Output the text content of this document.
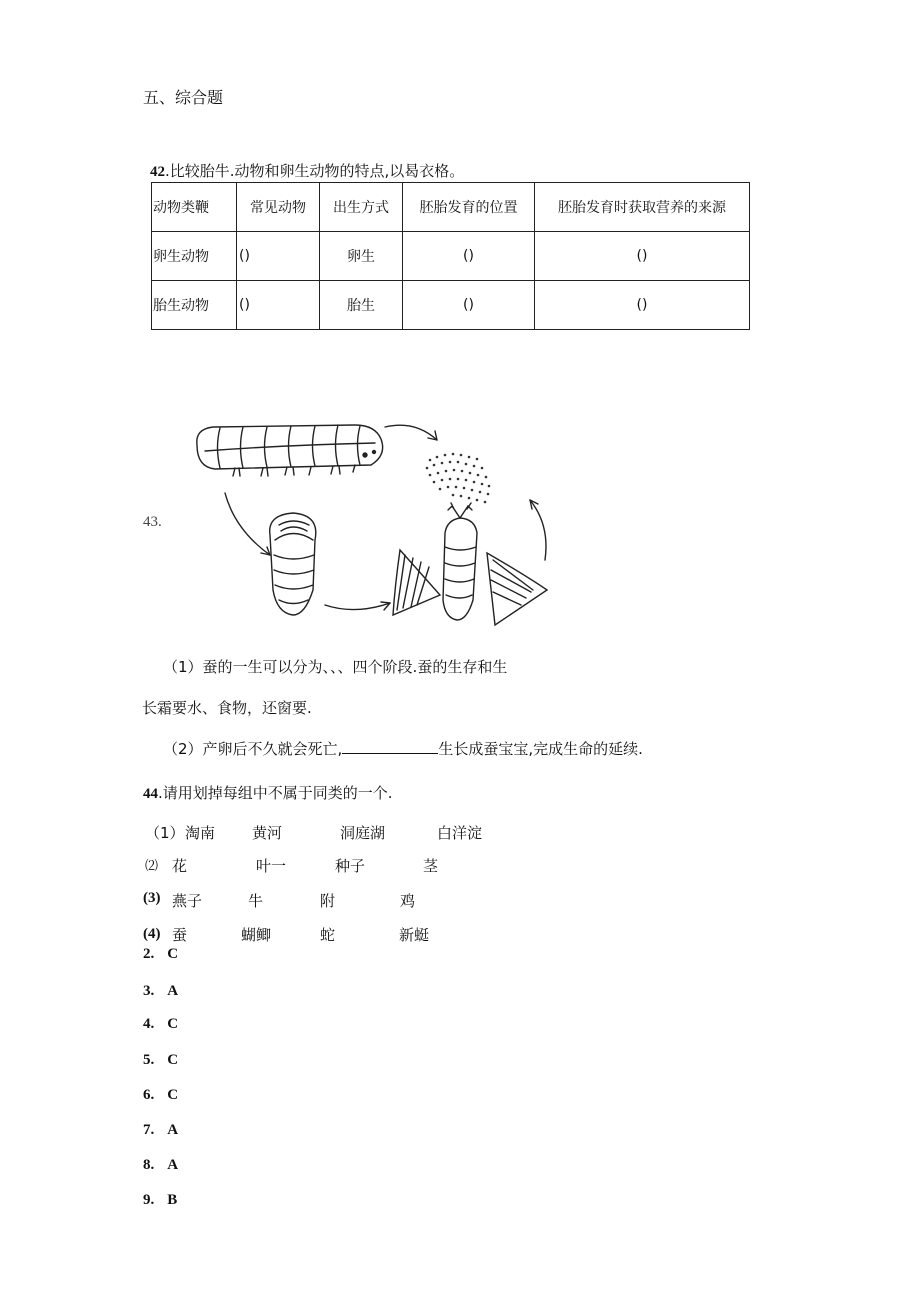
五、综合题
42.比较胎牛.动物和卵生动物的特点,以曷衣格。
动物类鞭	常见动物	出生方式	胚胎发育的位置	胚胎发育时获取营养的来源
卵生动物	()	卵生	()	()
胎生动物	()	胎生	()	()
43.
（1）蚕的一生可以分为、、、四个阶段.蚕的生存和生
长霜要水、食物，还窗要.
（2）产卵后不久就会死亡,	生长成蚕宝宝,完成生命的延续.
44.请用划掉每组中不属于同类的一个.
（1） 淘南 黄河	洞庭湖	白洋淀
⑵ 花	叶一	种子	茎
(3) 燕子	牛	附	鸡
(4) 蚕	蝴鲫	蛇	新蜓
2. C
3. A
4. C
5. C
6. C
7. A
8. A
9. B
